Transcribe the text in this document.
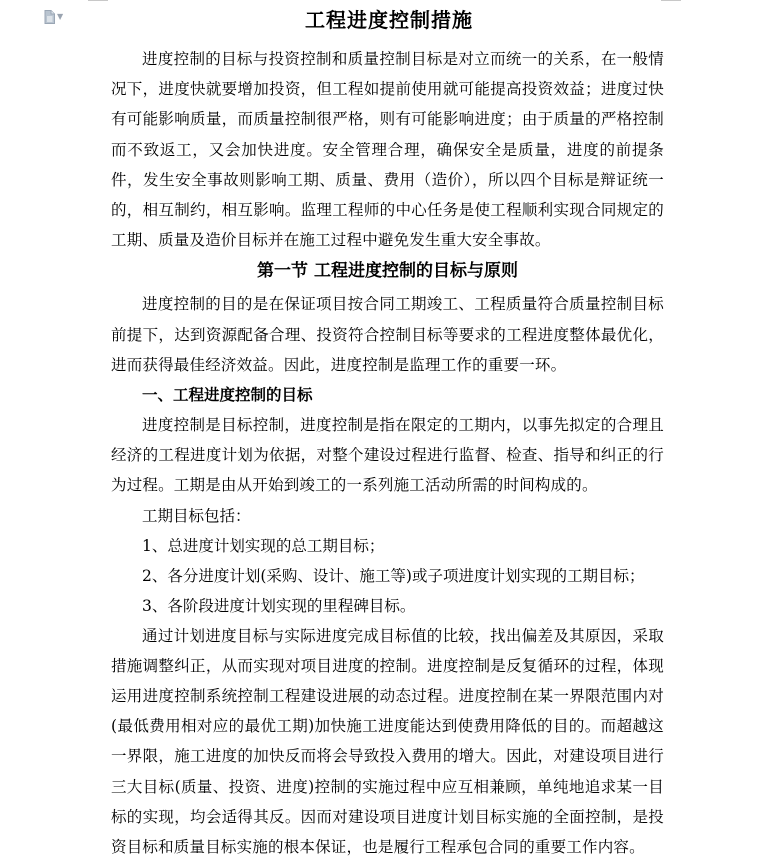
▼	工程进度控制措施

进度控制的目标与投资控制和质量控制目标是对立而统一的关系，在一般情况下，进度快就要增加投资，但工程如提前使用就可能提高投资效益；进度过快有可能影响质量，而质量控制很严格，则有可能影响进度；由于质量的严格控制而不致返工，又会加快进度。安全管理合理，确保安全是质量，进度的前提条件，发生安全事故则影响工期、质量、费用（造价），所以四个目标是辩证统一的，相互制约，相互影响。监理工程师的中心任务是使工程顺利实现合同规定的工期、质量及造价目标并在施工过程中避免发生重大安全事故。

第一节 工程进度控制的目标与原则

进度控制的目的是在保证项目按合同工期竣工、工程质量符合质量控制目标前提下，达到资源配备合理、投资符合控制目标等要求的工程进度整体最优化，进而获得最佳经济效益。因此，进度控制是监理工作的重要一环。

一、工程进度控制的目标

进度控制是目标控制，进度控制是指在限定的工期内，以事先拟定的合理且经济的工程进度计划为依据，对整个建设过程进行监督、检查、指导和纠正的行为过程。工期是由从开始到竣工的一系列施工活动所需的时间构成的。

工期目标包括：

1、总进度计划实现的总工期目标；

2、各分进度计划(采购、设计、施工等)或子项进度计划实现的工期目标；

3、各阶段进度计划实现的里程碑目标。

通过计划进度目标与实际进度完成目标值的比较，找出偏差及其原因，采取措施调整纠正，从而实现对项目进度的控制。进度控制是反复循环的过程，体现运用进度控制系统控制工程建设进展的动态过程。进度控制在某一界限范围内对(最低费用相对应的最优工期)加快施工进度能达到使费用降低的目的。而超越这一界限，施工进度的加快反而将会导致投入费用的增大。因此，对建设项目进行三大目标(质量、投资、进度)控制的实施过程中应互相兼顾，单纯地追求某一目标的实现，均会适得其反。因而对建设项目进度计划目标实施的全面控制，是投资目标和质量目标实施的根本保证，也是履行工程承包合同的重要工作内容。
